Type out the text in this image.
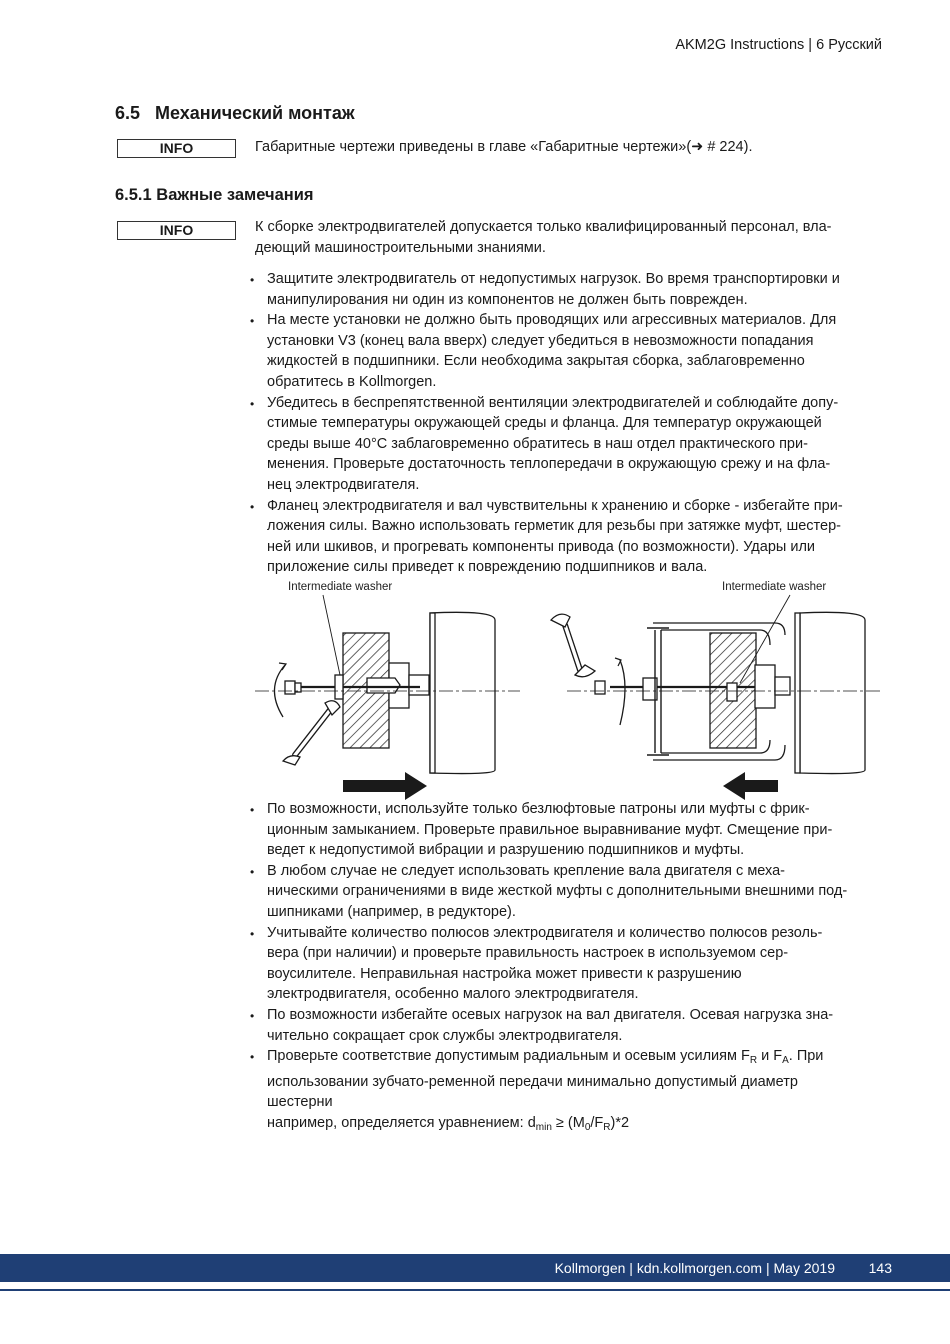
AKM2G Instructions | 6 Русский
6.5 Механический монтаж
INFO	Габаритные чертежи приведены в главе «Габаритные чертежи»(➜ # 224).
6.5.1 Важные замечания
INFO	К сборке электродвигателей допускается только квалифицированный персонал, вла-
деющий машиностроительными знаниями.
• Защитите электродвигатель от недопустимых нагрузок. Во время транспортировки и
манипулирования ни один из компонентов не должен быть поврежден.
• На месте установки не должно быть проводящих или агрессивных материалов. Для
установки V3 (конец вала вверх) следует убедиться в невозможности попадания
жидкостей в подшипники. Если необходима закрытая сборка, заблаговременно
обратитесь в Kollmorgen.
• Убедитесь в беспрепятственной вентиляции электродвигателей и соблюдайте допу-
стимые температуры окружающей среды и фланца. Для температур окружающей
среды выше 40°C заблаговременно обратитесь в наш отдел практического при-
менения. Проверьте достаточность теплопередачи в окружающую срежу и на фла-
нец электродвигателя.
• Фланец электродвигателя и вал чувствительны к хранению и сборке - избегайте при-
ложения силы. Важно использовать герметик для резьбы при затяжке муфт, шестер-
ней или шкивов, и прогревать компоненты привода (по возможности). Удары или
приложение силы приведет к повреждению подшипников и вала.
Intermediate washer	Intermediate washer
• По возможности, используйте только безлюфтовые патроны или муфты с фрик-
ционным замыканием. Проверьте правильное выравнивание муфт. Смещение при-
ведет к недопустимой вибрации и разрушению подшипников и муфты.
• В любом случае не следует использовать крепление вала двигателя с меха-
ническими ограничениями в виде жесткой муфты с дополнительными внешними под-
шипниками (например, в редукторе).
• Учитывайте количество полюсов электродвигателя и количество полюсов резоль-
вера (при наличии) и проверьте правильность настроек в используемом сер-
воусилителе. Неправильная настройка может привести к разрушению
электродвигателя, особенно малого электродвигателя.
• По возможности избегайте осевых нагрузок на вал двигателя. Осевая нагрузка зна-
чительно сокращает срок службы электродвигателя.
• Проверьте соответствие допустимым радиальным и осевым усилиям $F_R$ и $F_A$. При
использовании зубчато-ременной передачи минимально допустимый диаметр
шестерни
например, определяется уравнением: $d_{min} \ge (M_0/F_R)*2$
Kollmorgen | kdn.kollmorgen.com | May 2019 143
